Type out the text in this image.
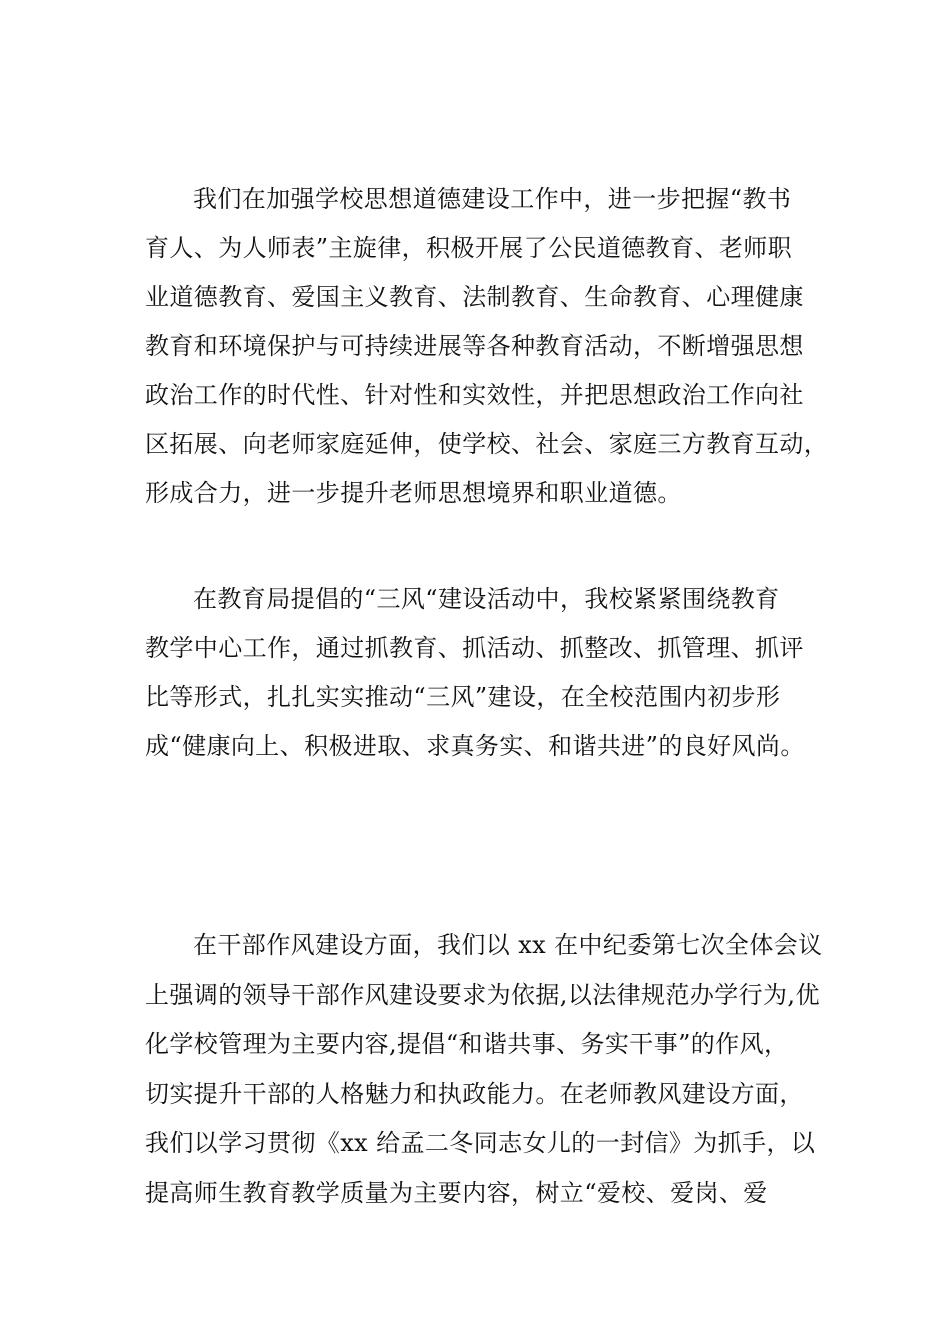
我们在加强学校思想道德建设工作中，进一步把握“教书
育人、为人师表”主旋律，积极开展了公民道德教育、老师职
业道德教育、爱国主义教育、法制教育、生命教育、心理健康
教育和环境保护与可持续进展等各种教育活动，不断增强思想
政治工作的时代性、针对性和实效性，并把思想政治工作向社
区拓展、向老师家庭延伸，使学校、社会、家庭三方教育互动，
形成合力，进一步提升老师思想境界和职业道德。
在教育局提倡的“三风“建设活动中，我校紧紧围绕教育
教学中心工作，通过抓教育、抓活动、抓整改、抓管理、抓评
比等形式，扎扎实实推动“三风”建设，在全校范围内初步形
成“健康向上、积极进取、求真务实、和谐共进”的良好风尚。
在干部作风建设方面，我们以 xx 在中纪委第七次全体会议
上强调的领导干部作风建设要求为依据,以法律规范办学行为,优
化学校管理为主要内容,提倡“和谐共事、务实干事”的作风，
切实提升干部的人格魅力和执政能力。在老师教风建设方面，
我们以学习贯彻《xx 给孟二冬同志女儿的一封信》为抓手，以
提高师生教育教学质量为主要内容，树立“爱校、爱岗、爱
